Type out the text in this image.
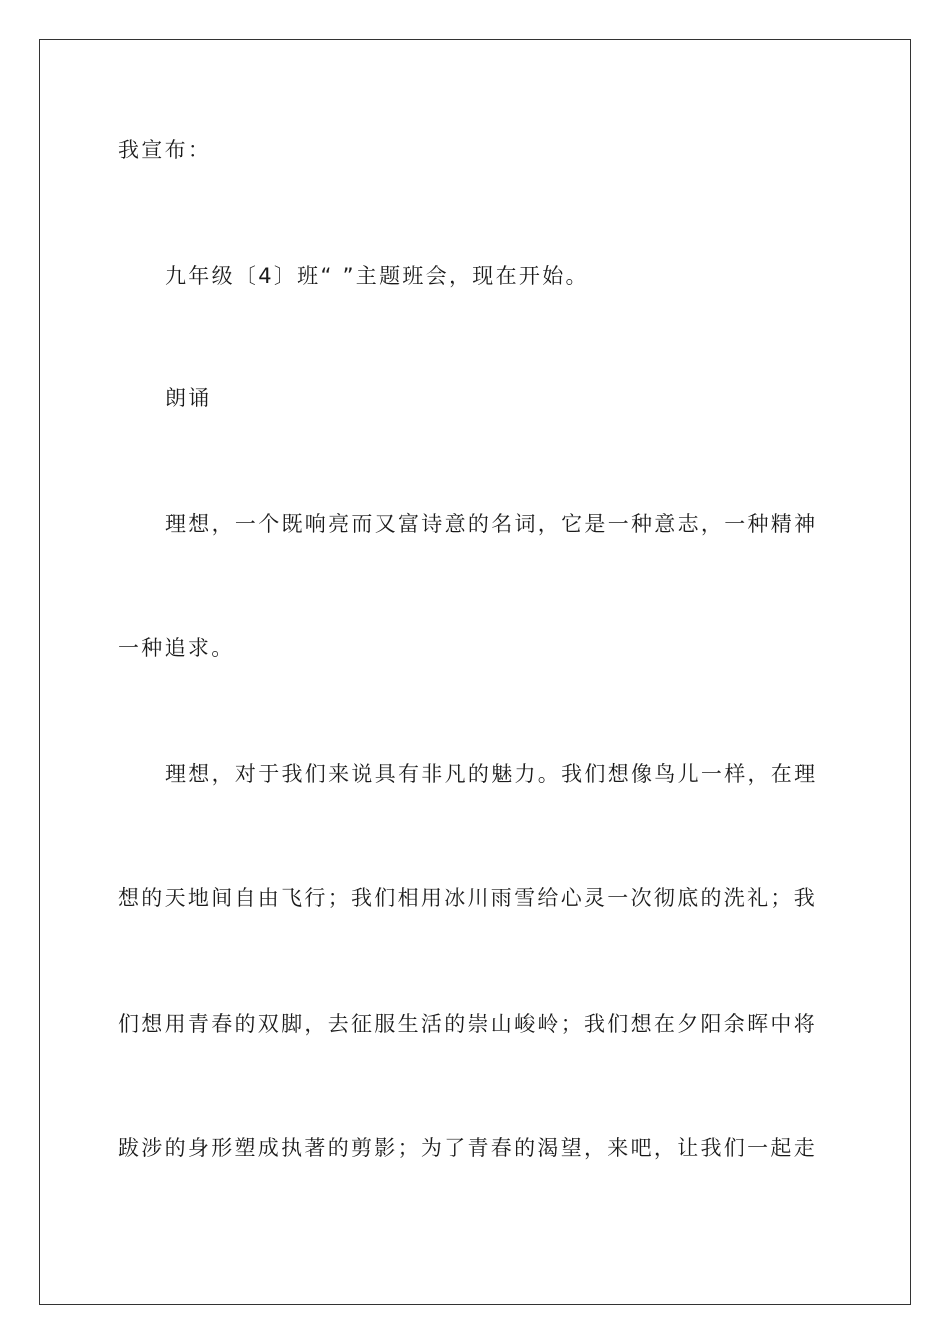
我宣布：
九年级〔4〕班“ ”主题班会，现在开始。
朗诵
理想，一个既响亮而又富诗意的名词，它是一种意志，一种精神
一种追求。
理想，对于我们来说具有非凡的魅力。我们想像鸟儿一样，在理
想的天地间自由飞行；我们相用冰川雨雪给心灵一次彻底的洗礼；我
们想用青春的双脚，去征服生活的崇山峻岭；我们想在夕阳余晖中将
跋涉的身形塑成执著的剪影；为了青春的渴望，来吧，让我们一起走
